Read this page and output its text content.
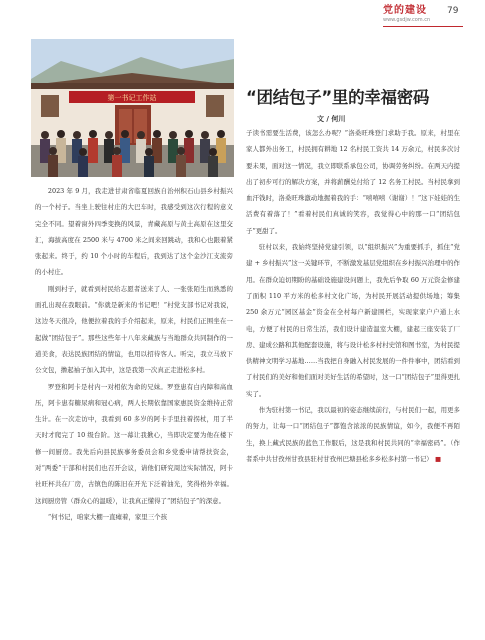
党的建设
www.gsdjw.com.cn
79
第一书记工作站	“团结包子”里的幸福密码
文 / 何川

2023 年 9 月，我走进甘肃省临夏回族自治州积石山县乡村振兴的一个村子。当坐上驶往村庄的大巴车时，我感受到这次行程的意义完全不同。望着窗外四季变换的风景，青藏高原与黄土高原在这里交汇，海拔高度在 2500 米与 4700 米之间来回跳动，我和心也跟着紧张起来。终于，约 10 个小时的车程后，我到达了这个金沙江支流旁的小村庄。

刚到村子，就看到村民给志愿者送来了人、一张张陌生而熟悉的面孔出现在我眼前。“你就是新来的书记吧！”村党支部书记对我说，这边冬天很冷，他便拉着我的手介绍起来，原来，村民们正围坐在一起做“团结包子”。那些这些年十八年来藏族与当地群众共同制作的一道美食，表达民族团结的情谊，也用以招待客人。听完，我立马放下公文包，撸起袖子加入其中，这是我第一次真正走进松多村。

罗登和阿卡是村内一对相依为命的兄妹。罗登患有白内障和高血压，阿卡患有糖尿病和冠心病，两人长期依靠国家惠民资金维持正常生计。在一次走访中，我看到 60 多岁的阿卡手里拄着拐杖，用了半天时才爬完了 10 级台阶。这一幕让我揪心，当即决定要为他在楼下修一间厨房。我先后向县民族事务委员会和乡党委申请帮扶资金，对“两委”干部和村民们也召开会议，请他们研究周边实际情况，阿卡社旺杯共在厂房，古镇色的陈旧在开光下泛着油光，笑得格外幸福。这间厨房管（群众心的温暖），让我真正懂得了“团结包子”的深意。

“何书记，咱家大棚一直瘫着，家里三个孩

子读书需要生活费，该怎么办呢？”洛桑旺珠登门求助于我。原来，村里在家人都外出务工，村民拥有耕地 12 名村民工资共 14 万余元，村民多次讨要未果，面对这一情况，我立即联系承包公司，协调劳务纠纷。在两天内提出了初步可行的解决方案，并将薪酬兑付给了 12 名务工村民。当村民拿到血汗钱时，洛桑旺珠激动地握着我的手：“嘻嘻嘻（谢谢）！”这下娃娃的生活费有着落了！”看着村民们真诚的笑容，我觉得心中的那一口“团结包子”更甜了。

驻村以来，我始终坚持党建引领，以“组织振兴”为重要抓手，抓住“党建 + 乡村振兴”这一关键环节，不断激发基层党组织在乡村振兴治理中的作用。在群众迫切期盼的基础设施建设问题上，我先后争取 60 万元资金修建了面积 110 平方米的松多村文化广场，为村民开展活动提供场地；筹集 250 余万元“园区基金”资金在全村每户新建围栏，实现家家户户通上水电，方便了村民的日常生活，我们设计建造温室大棚，建起三座安装了厂房、建成公路和其他配套设施，将与设计松多村村史馆和图书室，为村民提供精神文明学习基地……当我把自身融入村民发展的一件件事中，团结看到了村民们的美好和他们面对美好生活的希望时，这一口“团结包子”里得更扎实了。

作为驻村第一书记，我以最初的姿态继续前行，与村民们一起，用更多的努力，让每一口“团结包子”都饱含浓浓的民族情谊，如今，我便不再陌生，换上藏式民族的蓝色工作服后，这是我和村民共同的“幸福密码”。（作者系中共甘孜州甘孜县驻村甘孜州巴塘县松多乡松多村第一书记） ■
